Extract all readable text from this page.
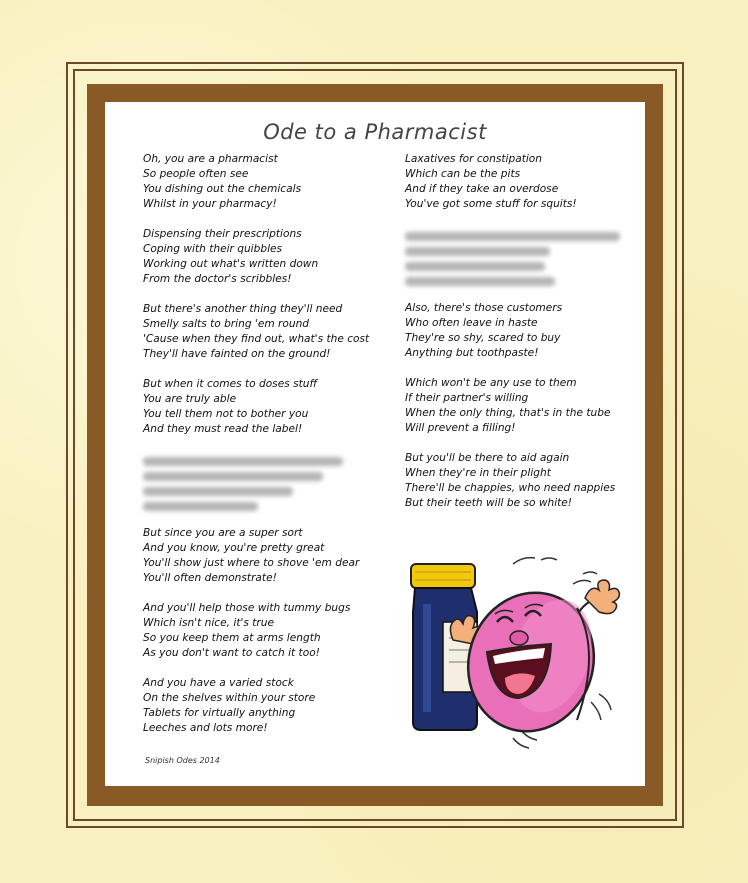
Ode to a Pharmacist
Oh, you are a pharmacist
So people often see
You dishing out the chemicals
Whilst in your pharmacy!
Dispensing their prescriptions
Coping with their quibbles
Working out what's written down
From the doctor's scribbles!
But there's another thing they'll need
Smelly salts to bring 'em round
'Cause when they find out, what's the cost
They'll have fainted on the ground!
But when it comes to doses stuff
You are truly able
You tell them not to bother you
And they must read the label!
But since you are a super sort
And you know, you're pretty great
You'll show just where to shove 'em dear
You'll often demonstrate!
And you'll help those with tummy bugs
Which isn't nice, it's true
So you keep them at arms length
As you don't want to catch it too!
And you have a varied stock
On the shelves within your store
Tablets for virtually anything
Leeches and lots more!
Laxatives for constipation
Which can be the pits
And if they take an overdose
You've got some stuff for squits!
Also, there's those customers
Who often leave in haste
They're so shy, scared to buy
Anything but toothpaste!
Which won't be any use to them
If their partner's willing
When the only thing, that's in the tube
Will prevent a filling!
But you'll be there to aid again
When they're in their plight
There'll be chappies, who need nappies
But their teeth will be so white!
Snipish Odes 2014
